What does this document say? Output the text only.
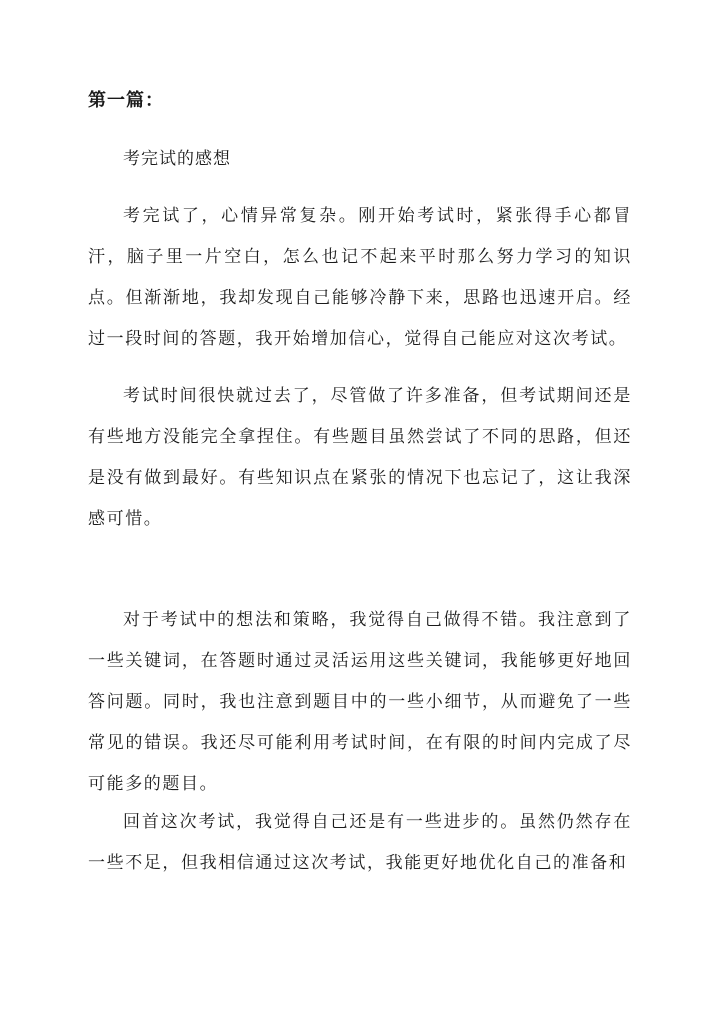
第一篇：
考完试的感想

考完试了，心情异常复杂。刚开始考试时，紧张得手心都冒汗，脑子里一片空白，怎么也记不起来平时那么努力学习的知识点。但渐渐地，我却发现自己能够冷静下来，思路也迅速开启。经过一段时间的答题，我开始增加信心，觉得自己能应对这次考试。

考试时间很快就过去了，尽管做了许多准备，但考试期间还是有些地方没能完全拿捏住。有些题目虽然尝试了不同的思路，但还是没有做到最好。有些知识点在紧张的情况下也忘记了，这让我深感可惜。

对于考试中的想法和策略，我觉得自己做得不错。我注意到了一些关键词，在答题时通过灵活运用这些关键词，我能够更好地回答问题。同时，我也注意到题目中的一些小细节，从而避免了一些常见的错误。我还尽可能利用考试时间，在有限的时间内完成了尽可能多的题目。

回首这次考试，我觉得自己还是有一些进步的。虽然仍然存在一些不足，但我相信通过这次考试，我能更好地优化自己的准备和
